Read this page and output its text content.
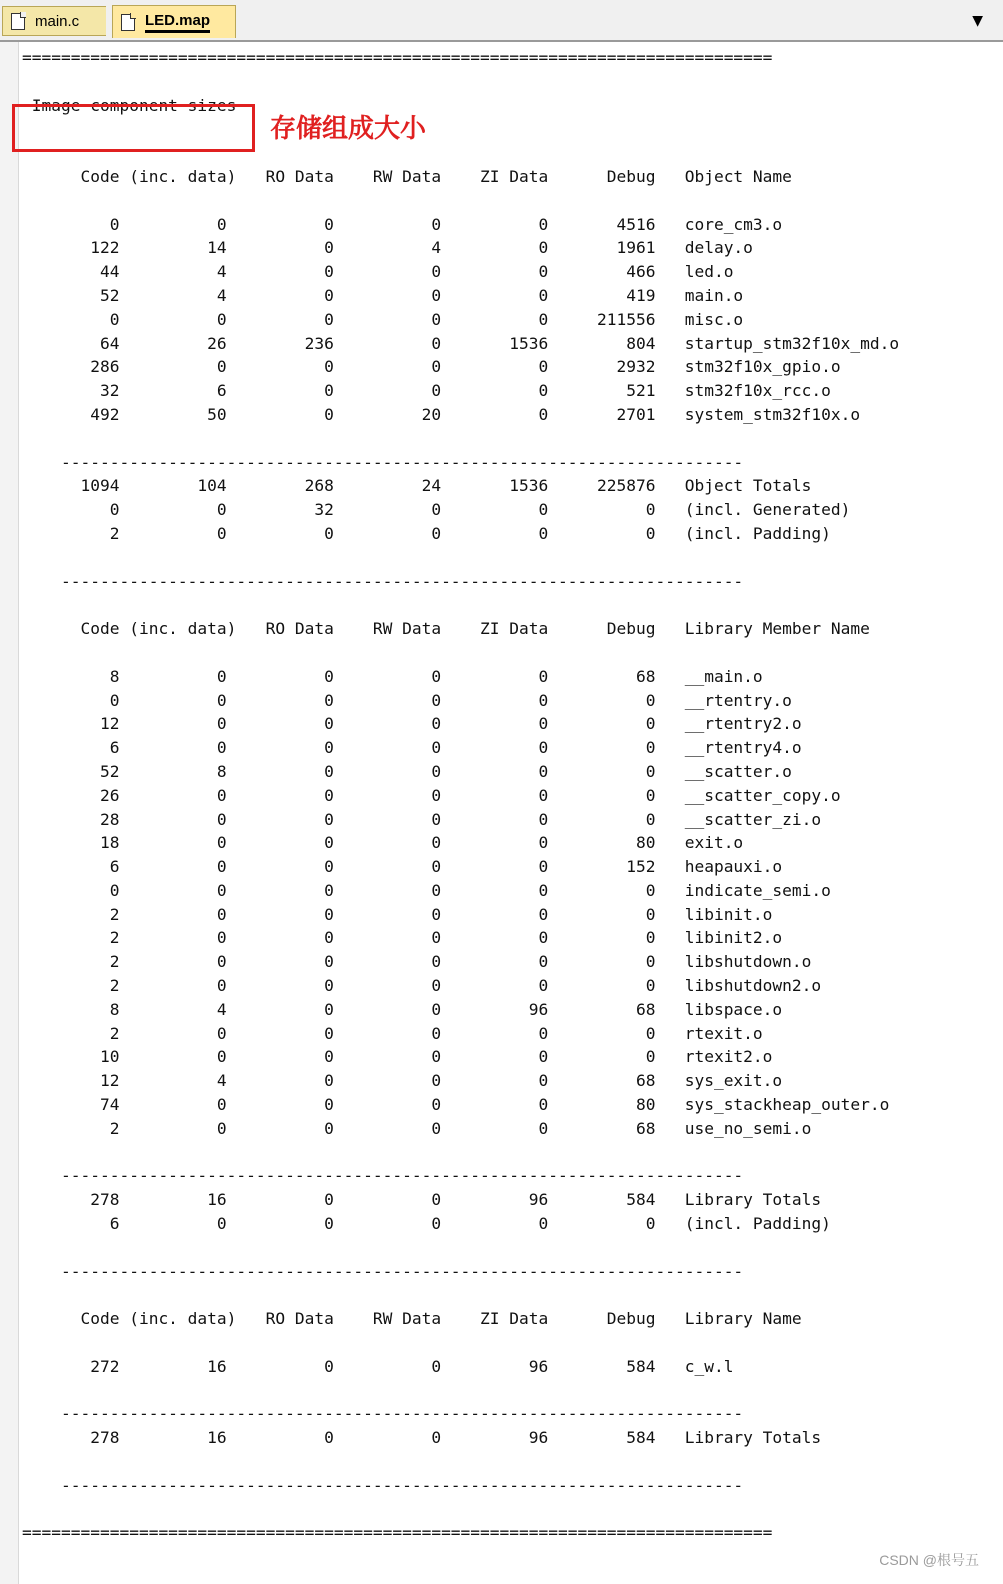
main.c	LED.map	▼
=============================================================================

Image component sizes

Code (inc. data)   RO Data    RW Data    ZI Data      Debug   Object Name

0          0          0          0          0       4516   core_cm3.o
122         14          0          4          0       1961   delay.o
44          4          0          0          0        466   led.o
52          4          0          0          0        419   main.o
0          0          0          0          0     211556   misc.o
64         26        236          0       1536        804   startup_stm32f10x_md.o
286          0          0          0          0       2932   stm32f10x_gpio.o
32          6          0          0          0        521   stm32f10x_rcc.o
492         50          0         20          0       2701   system_stm32f10x.o

----------------------------------------------------------------------
1094        104        268         24       1536     225876   Object Totals
0          0         32          0          0          0   (incl. Generated)
2          0          0          0          0          0   (incl. Padding)

----------------------------------------------------------------------

Code (inc. data)   RO Data    RW Data    ZI Data      Debug   Library Member Name

8          0          0          0          0         68   __main.o
0          0          0          0          0          0   __rtentry.o
12          0          0          0          0          0   __rtentry2.o
6          0          0          0          0          0   __rtentry4.o
52          8          0          0          0          0   __scatter.o
26          0          0          0          0          0   __scatter_copy.o
28          0          0          0          0          0   __scatter_zi.o
18          0          0          0          0         80   exit.o
6          0          0          0          0        152   heapauxi.o
0          0          0          0          0          0   indicate_semi.o
2          0          0          0          0          0   libinit.o
2          0          0          0          0          0   libinit2.o
2          0          0          0          0          0   libshutdown.o
2          0          0          0          0          0   libshutdown2.o
8          4          0          0         96         68   libspace.o
2          0          0          0          0          0   rtexit.o
10          0          0          0          0          0   rtexit2.o
12          4          0          0          0         68   sys_exit.o
74          0          0          0          0         80   sys_stackheap_outer.o
2          0          0          0          0         68   use_no_semi.o

----------------------------------------------------------------------
278         16          0          0         96        584   Library Totals
6          0          0          0          0          0   (incl. Padding)

----------------------------------------------------------------------

Code (inc. data)   RO Data    RW Data    ZI Data      Debug   Library Name

272         16          0          0         96        584   c_w.l

----------------------------------------------------------------------
278         16          0          0         96        584   Library Totals

----------------------------------------------------------------------

=============================================================================
存储组成大小
CSDN @根号五
